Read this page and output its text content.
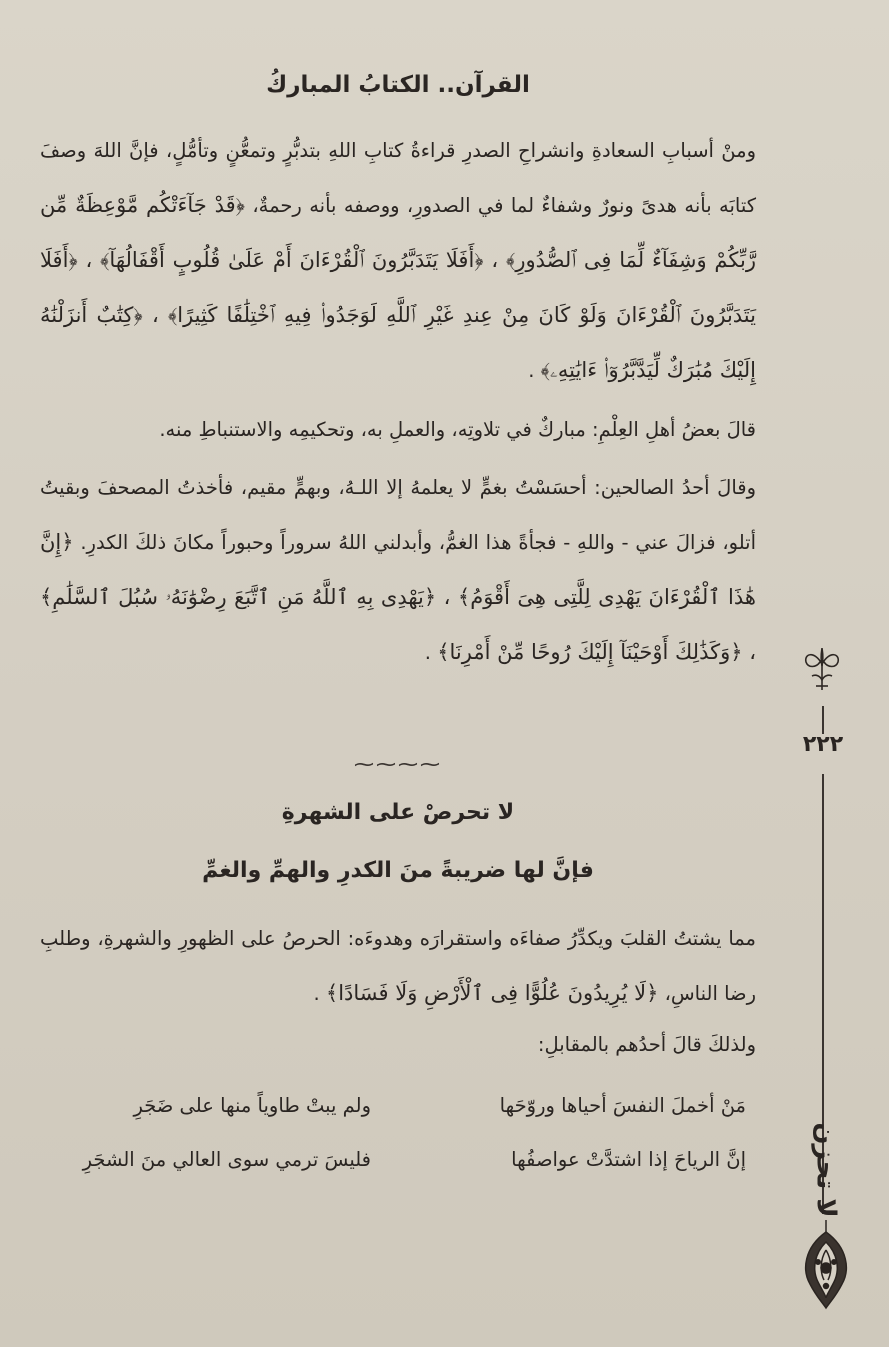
القرآن.. الكتابُ المباركُ

ومنْ أسبابِ السعادةِ وانشراحِ الصدرِ قراءةُ كتابِ اللهِ بتدبُّرٍ وتمعُّنٍ وتأمُّلٍ، فإنَّ اللهَ وصفَ كتابَه بأنه هدىً ونورٌ وشفاءٌ لما في الصدورِ، ووصفه بأنه رحمةٌ، ﴿قَدْ جَآءَتْكُم مَّوْعِظَةٌ مِّن رَّبِّكُمْ وَشِفَآءٌ لِّمَا فِى ٱلصُّدُورِ﴾ ، ﴿أَفَلَا يَتَدَبَّرُونَ ٱلْقُرْءَانَ أَمْ عَلَىٰ قُلُوبٍ أَقْفَالُهَآ﴾ ، ﴿أَفَلَا يَتَدَبَّرُونَ ٱلْقُرْءَانَ وَلَوْ كَانَ مِنْ عِندِ غَيْرِ ٱللَّهِ لَوَجَدُوا۟ فِيهِ ٱخْتِلَٰفًا كَثِيرًا﴾ ، ﴿كِتَٰبٌ أَنزَلْنَٰهُ إِلَيْكَ مُبَٰرَكٌ لِّيَدَّبَّرُوٓا۟ ءَايَٰتِهِۦ﴾ .

قالَ بعضُ أهلِ العِلْمِ: مباركٌ في تلاوتِه، والعملِ به، وتحكيمِه والاستنباطِ منه.

وقالَ أحدُ الصالحين: أحسَسْتُ بغمٍّ لا يعلمهُ إلا اللـهُ، وبهمٍّ مقيم، فأخذتُ المصحفَ وبقيتُ أتلو، فزالَ عني - واللهِ - فجأةً هذا الغمُّ، وأبدلني اللهُ سروراً وحبوراً مكانَ ذلكَ الكدرِ. ﴿إِنَّ هَٰذَا ٱلْقُرْءَانَ يَهْدِى لِلَّتِى هِىَ أَقْوَمُ﴾ ، ﴿يَهْدِى بِهِ ٱللَّهُ مَنِ ٱتَّبَعَ رِضْوَٰنَهُۥ سُبُلَ ٱلسَّلَٰمِ﴾ ، ﴿وَكَذَٰلِكَ أَوْحَيْنَآ إِلَيْكَ رُوحًا مِّنْ أَمْرِنَا﴾ .

⁓⁓⁓⁓
لا تحرصْ على الشهرةِ
فإنَّ لها ضريبةً منَ الكدرِ والهمِّ والغمِّ

مما يشتتُ القلبَ ويكدِّرُ صفاءَه واستقرارَه وهدوءَه: الحرصُ على الظهورِ والشهرةِ، وطلبِ رضا الناسِ، ﴿لَا يُرِيدُونَ عُلُوًّا فِى ٱلْأَرْضِ وَلَا فَسَادًا﴾ .

ولذلكَ قالَ أحدُهم بالمقابلِ:

مَنْ أخملَ النفسَ أحياها وروّحَها
ولم يبتْ طاوياً منها على ضَجَرِ
إنَّ الرياحَ إذا اشتدَّتْ عواصفُها
فليسَ ترمي سوى العالي منَ الشجَرِ
٢٢٢
لا تحزن
